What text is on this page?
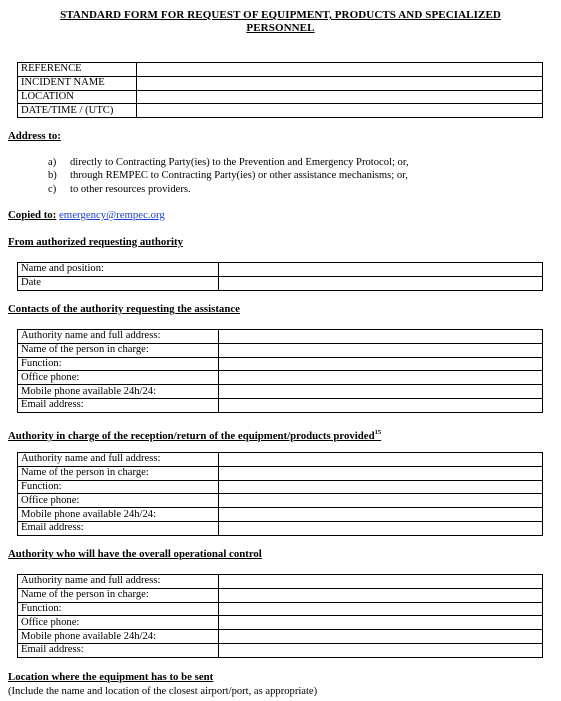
STANDARD FORM FOR REQUEST OF EQUIPMENT, PRODUCTS AND SPECIALIZED
PERSONNEL
REFERENCE	
INCIDENT NAME	
LOCATION	
DATE/TIME / (UTC)	
Address to:
a) directly to Contracting Party(ies) to the Prevention and Emergency Protocol; or,
b) through REMPEC to Contracting Party(ies) or other assistance mechanisms; or,
c) to other resources providers.
Copied to: emergency@rempec.org
From authorized requesting authority
Name and position:	
Date	
Contacts of the authority requesting the assistance
Authority name and full address:	
Name of the person in charge:	
Function:	
Office phone:	
Mobile phone available 24h/24:	
Email address:	
Authority in charge of the reception/return of the equipment/products provided$^{15}$
Authority name and full address:	
Name of the person in charge:	
Function:	
Office phone:	
Mobile phone available 24h/24:	
Email address:	
Authority who will have the overall operational control
Authority name and full address:	
Name of the person in charge:	
Function:	
Office phone:	
Mobile phone available 24h/24:	
Email address:	
Location where the equipment has to be sent
(Include the name and location of the closest airport/port, as appropriate)
